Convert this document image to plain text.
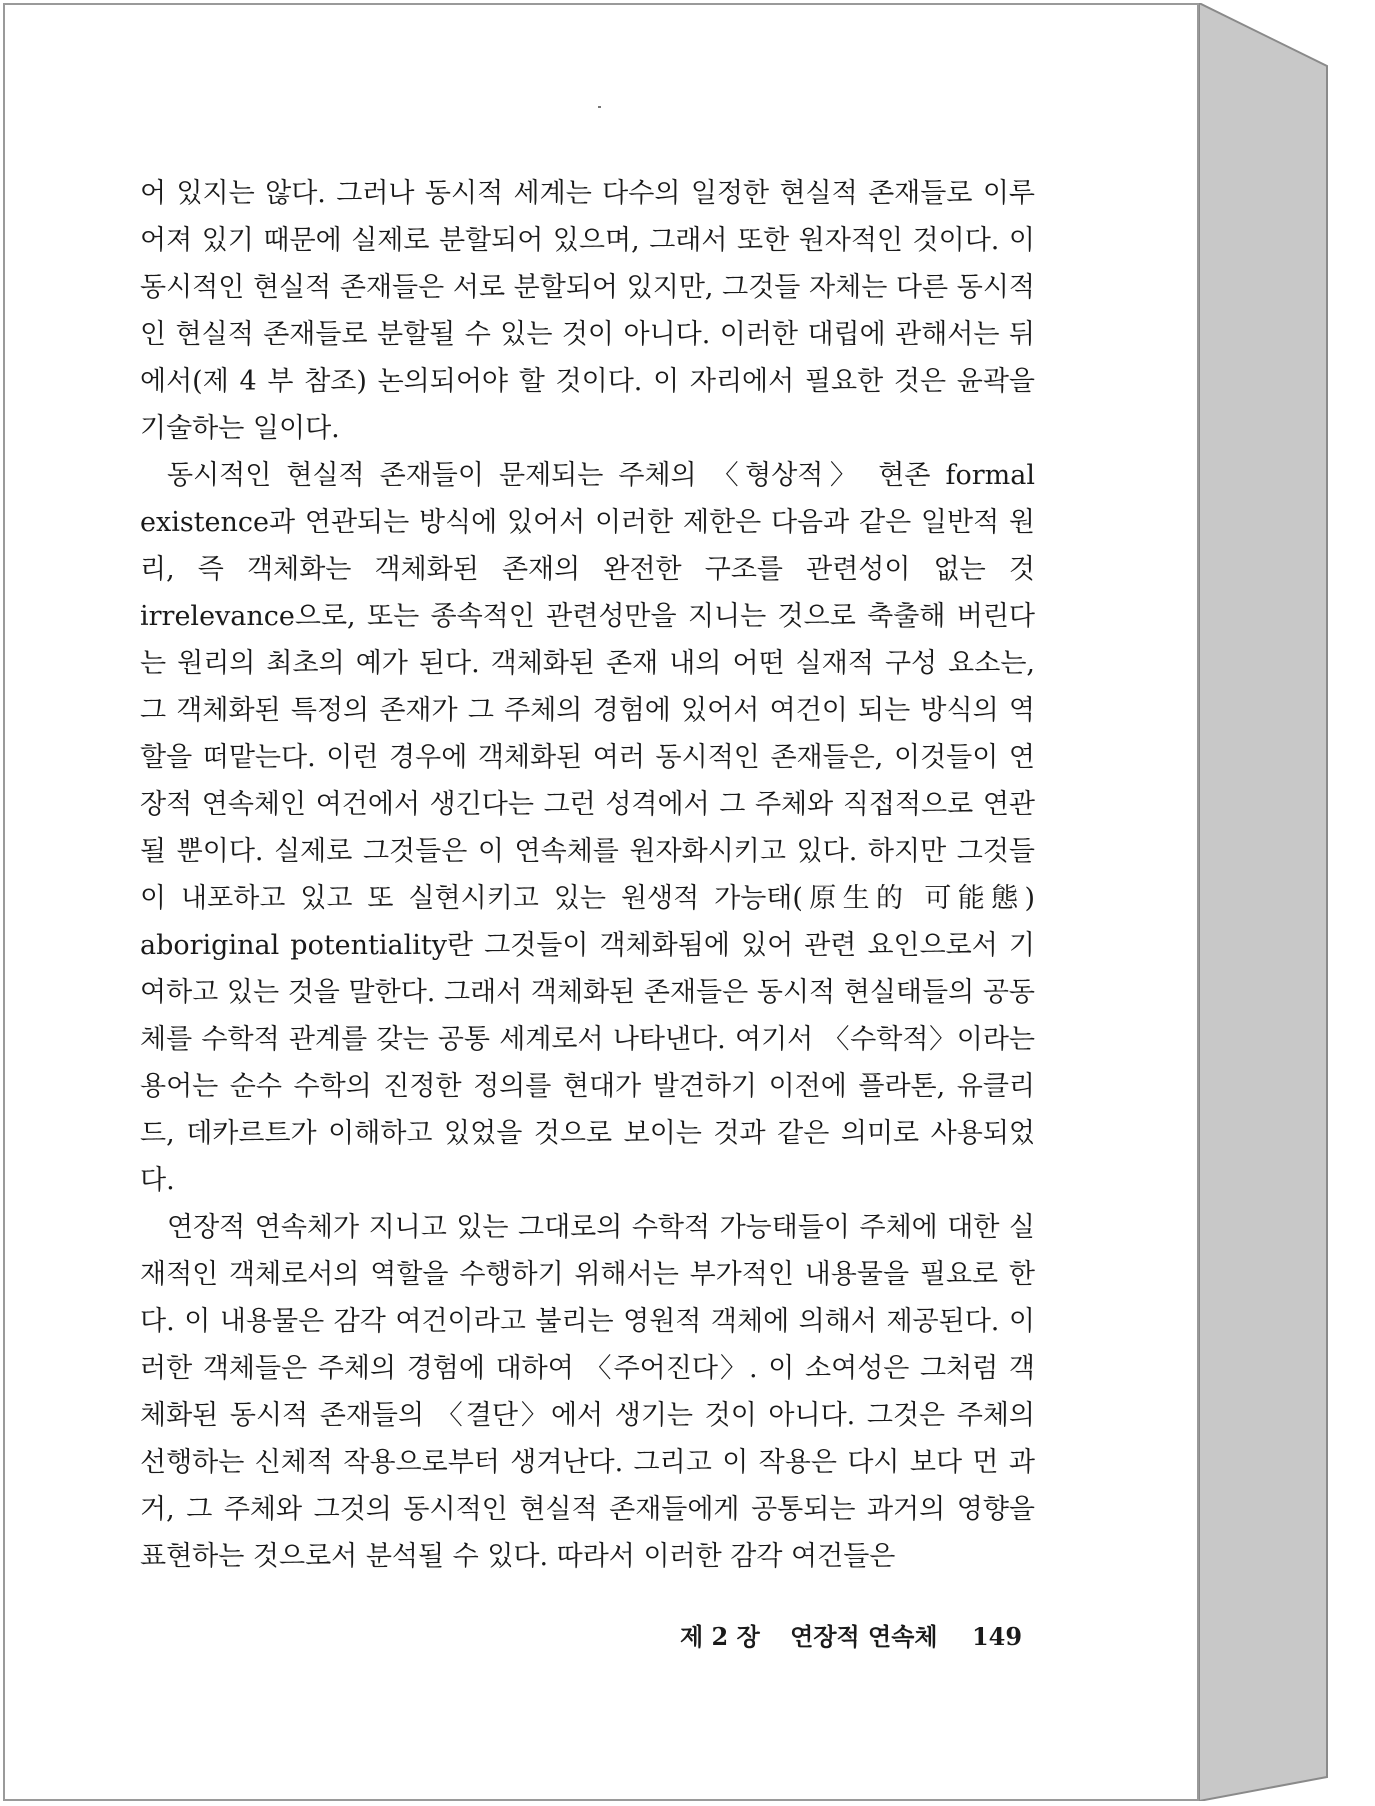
어 있지는 않다. 그러나 동시적 세계는 다수의 일정한 현실적 존재들로 이루어져 있기 때문에 실제로 분할되어 있으며, 그래서 또한 원자적인 것이다. 이 동시적인 현실적 존재들은 서로 분할되어 있지만, 그것들 자체는 다른 동시적인 현실적 존재들로 분할될 수 있는 것이 아니다. 이러한 대립에 관해서는 뒤에서(제 4 부 참조) 논의되어야 할 것이다. 이 자리에서 필요한 것은 윤곽을 기술하는 일이다.

동시적인 현실적 존재들이 문제되는 주체의 〈형상적〉 현존 formal existence과 연관되는 방식에 있어서 이러한 제한은 다음과 같은 일반적 원리, 즉 객체화는 객체화된 존재의 완전한 구조를 관련성이 없는 것 irrelevance으로, 또는 종속적인 관련성만을 지니는 것으로 축출해 버린다는 원리의 최초의 예가 된다. 객체화된 존재 내의 어떤 실재적 구성 요소는, 그 객체화된 특정의 존재가 그 주체의 경험에 있어서 여건이 되는 방식의 역할을 떠맡는다. 이런 경우에 객체화된 여러 동시적인 존재들은, 이것들이 연장적 연속체인 여건에서 생긴다는 그런 성격에서 그 주체와 직접적으로 연관될 뿐이다. 실제로 그것들은 이 연속체를 원자화시키고 있다. 하지만 그것들이 내포하고 있고 또 실현시키고 있는 원생적 가능태(原生的 可能態) aboriginal potentiality란 그것들이 객체화됨에 있어 관련 요인으로서 기여하고 있는 것을 말한다. 그래서 객체화된 존재들은 동시적 현실태들의 공동체를 수학적 관계를 갖는 공통 세계로서 나타낸다. 여기서 〈수학적〉이라는 용어는 순수 수학의 진정한 정의를 현대가 발견하기 이전에 플라톤, 유클리드, 데카르트가 이해하고 있었을 것으로 보이는 것과 같은 의미로 사용되었다.

연장적 연속체가 지니고 있는 그대로의 수학적 가능태들이 주체에 대한 실재적인 객체로서의 역할을 수행하기 위해서는 부가적인 내용물을 필요로 한다. 이 내용물은 감각 여건이라고 불리는 영원적 객체에 의해서 제공된다. 이러한 객체들은 주체의 경험에 대하여 〈주어진다〉. 이 소여성은 그처럼 객체화된 동시적 존재들의 〈결단〉에서 생기는 것이 아니다. 그것은 주체의 선행하는 신체적 작용으로부터 생겨난다. 그리고 이 작용은 다시 보다 먼 과거, 그 주체와 그것의 동시적인 현실적 존재들에게 공통되는 과거의 영향을 표현하는 것으로서 분석될 수 있다. 따라서 이러한 감각 여건들은

제 2 장 연장적 연속체 149
